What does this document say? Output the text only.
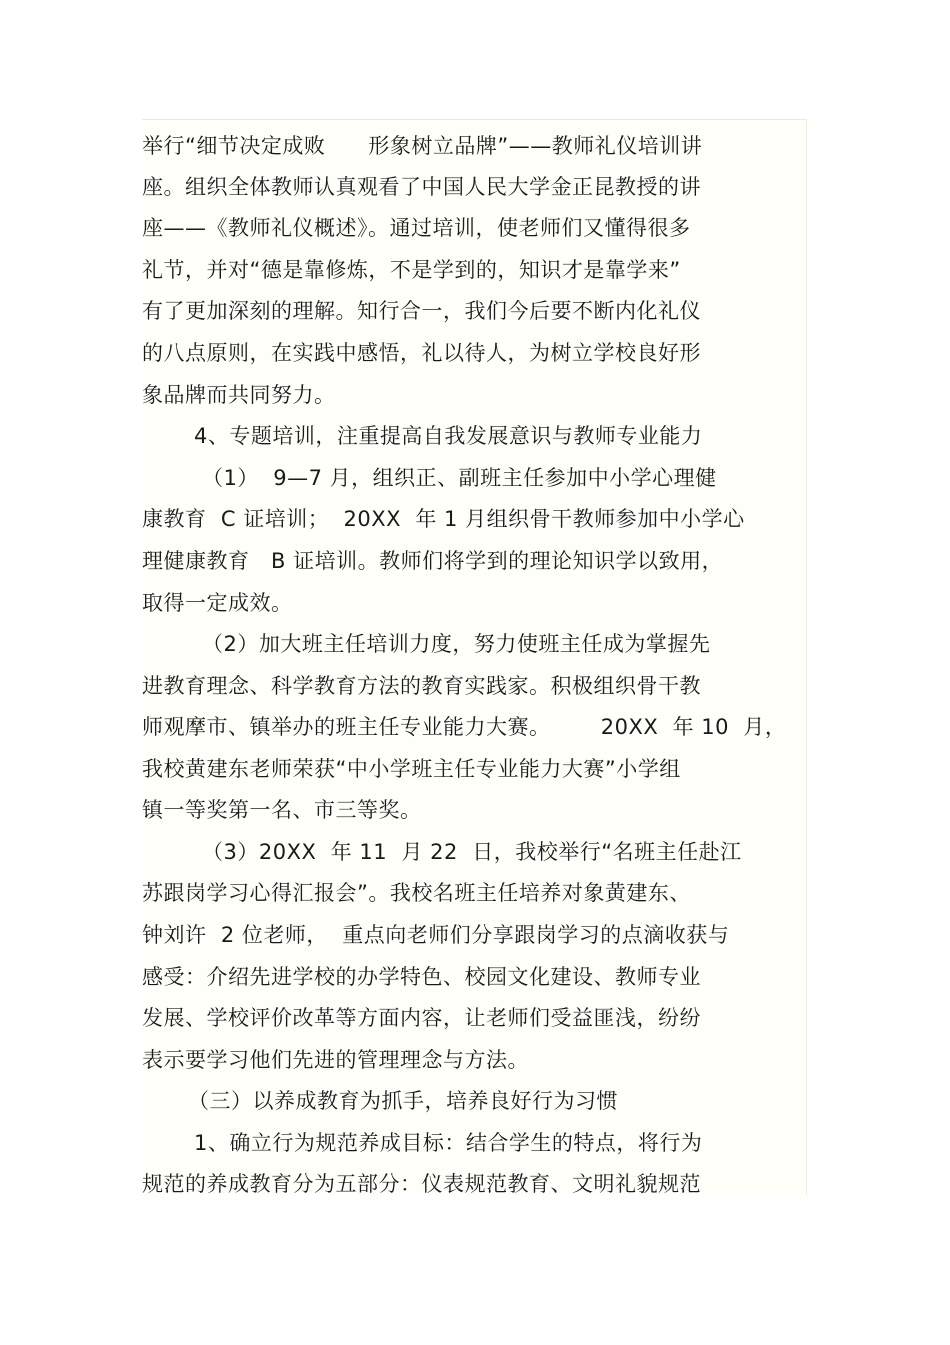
举行“细节决定成败      形象树立品牌”——教师礼仪培训讲
座。组织全体教师认真观看了中国人民大学金正昆教授的讲
座——《教师礼仪概述》。通过培训，使老师们又懂得很多
礼节，并对“德是靠修炼，不是学到的，知识才是靠学来”
有了更加深刻的理解。知行合一，我们今后要不断内化礼仪
的八点原则，在实践中感悟，礼以待人，为树立学校良好形
象品牌而共同努力。
4、专题培训，注重提高自我发展意识与教师专业能力
（1）  9—7 月，组织正、副班主任参加中小学心理健
康教育  C 证培训；  20XX  年 1 月组织骨干教师参加中小学心
理健康教育   B 证培训。教师们将学到的理论知识学以致用，
取得一定成效。
（2）加大班主任培训力度，努力使班主任成为掌握先
进教育理念、科学教育方法的教育实践家。积极组织骨干教
师观摩市、镇举办的班主任专业能力大赛。       20XX  年 10  月，
我校黄建东老师荣获“中小学班主任专业能力大赛”小学组
镇一等奖第一名、市三等奖。
（3）20XX  年 11  月 22  日，我校举行“名班主任赴江
苏跟岗学习心得汇报会”。我校名班主任培养对象黄建东、
钟刘许  2 位老师，  重点向老师们分享跟岗学习的点滴收获与
感受：介绍先进学校的办学特色、校园文化建设、教师专业
发展、学校评价改革等方面内容，让老师们受益匪浅，纷纷
表示要学习他们先进的管理理念与方法。
（三）以养成教育为抓手，培养良好行为习惯
1、确立行为规范养成目标：结合学生的特点，将行为
规范的养成教育分为五部分：仪表规范教育、文明礼貌规范
